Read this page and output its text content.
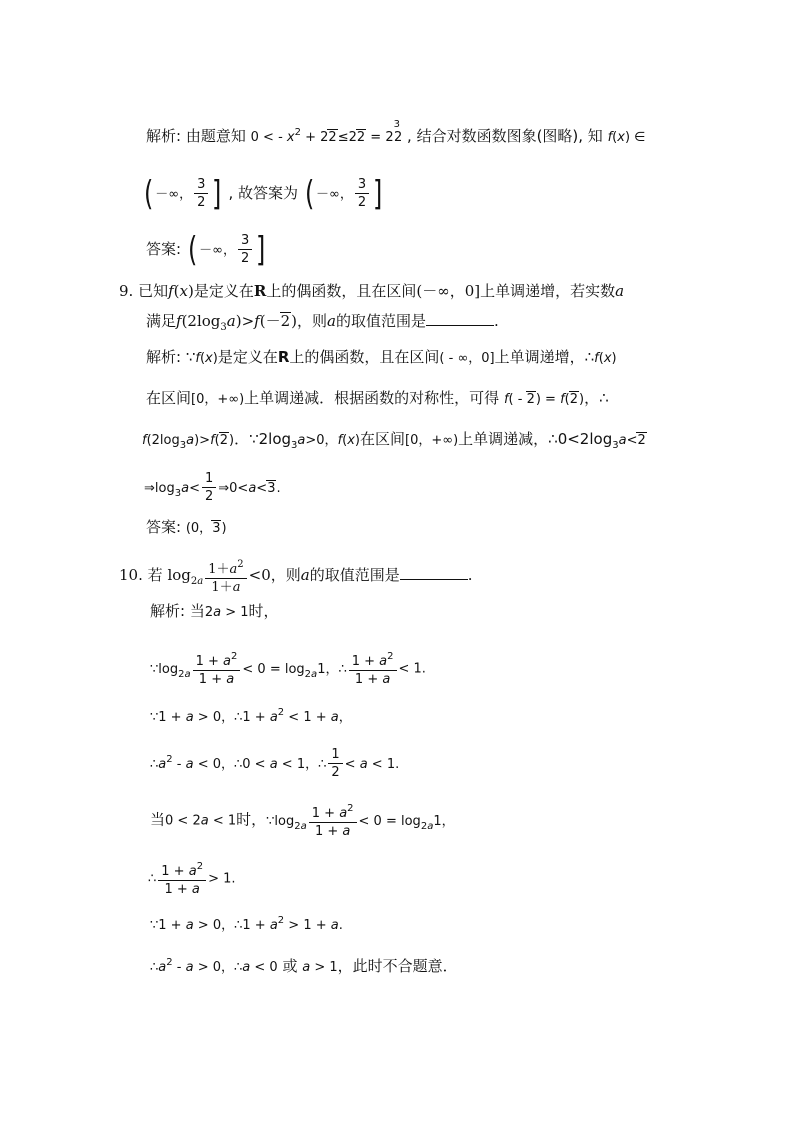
解析: 由题意知 0 < - $x^2 + 22\le 22 = 2^32$ , 结合对数函数图象(图略), 知 f(x) ∈
( －∞， $\frac{3}{2}$ ] , 故答案为 ( －∞， $\frac{3}{2}$ ]
答案: ( －∞， $\frac{3}{2}$ ]
9. 已知f(x)是定义在R上的偶函数，且在区间(－∞，0]上单调递增，若实数a
满足$f(2\log_3a)>f(-2)$，则a的取值范围是	.
解析: ∵f(x)是定义在R上的偶函数，且在区间( - ∞，0]上单调递增，∴f(x)
在区间[0，+∞)上单调递减．根据函数的对称性，可得 f( - 2) = f(2)，∴
$f(2\log_3a)>f(2)$．$\because 2\log_3a>0$，f(x)在区间[0，+∞)上单调递减，$\therefore 0<2\log_3a<2$
$\Rightarrow\log_3a< \frac{1}{2}$ ⇒0<a<3.
答案: (0，3)
10. 若 $\log_{2a} \frac{1+a^2}{1+a} <0$，则a的取值范围是	.
解析: 当2a > 1时，
$\because\log_{2a} \frac{1 + a^2}{1 + a} < 0 = \log_{2a}1$，∴ $\frac{1 + a^2}{1 + a} < 1$.
∵1 + a > 0，∴1 + $a^2 < 1 + a$，
$\therefore a^2 - a < 0$，∴0 < a < 1，∴ $\frac{1}{2} < a < 1$.
当0 < 2a < 1时，$\because\log_{2a} \frac{1 + a^2}{1 + a} < 0 = \log_{2a}1$，
∴ $\frac{1 + a^2}{1 + a} > 1$.
∵1 + a > 0，∴1 + $a^2 > 1 + a$.
$\therefore a^2 - a > 0$，∴a < 0 或 a > 1，此时不合题意．
